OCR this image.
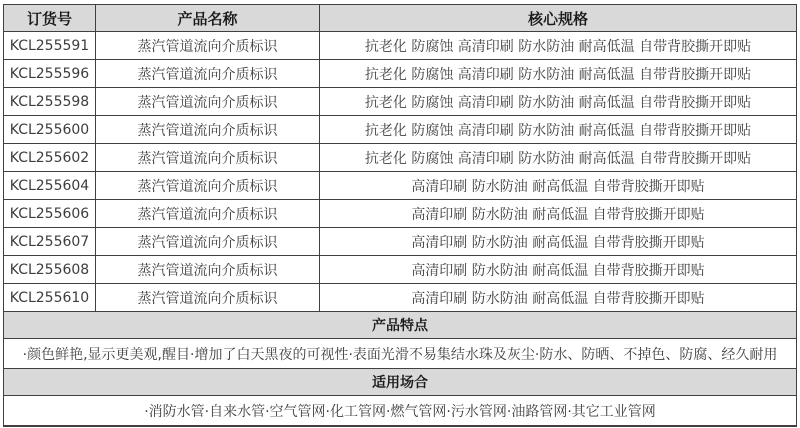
订货号	产品名称	核心规格
KCL255591	蒸汽管道流向介质标识	抗老化 防腐蚀 高清印刷 防水防油 耐高低温 自带背胶撕开即贴
KCL255596	蒸汽管道流向介质标识	抗老化 防腐蚀 高清印刷 防水防油 耐高低温 自带背胶撕开即贴
KCL255598	蒸汽管道流向介质标识	抗老化 防腐蚀 高清印刷 防水防油 耐高低温 自带背胶撕开即贴
KCL255600	蒸汽管道流向介质标识	抗老化 防腐蚀 高清印刷 防水防油 耐高低温 自带背胶撕开即贴
KCL255602	蒸汽管道流向介质标识	抗老化 防腐蚀 高清印刷 防水防油 耐高低温 自带背胶撕开即贴
KCL255604	蒸汽管道流向介质标识	高清印刷 防水防油 耐高低温 自带背胶撕开即贴
KCL255606	蒸汽管道流向介质标识	高清印刷 防水防油 耐高低温 自带背胶撕开即贴
KCL255607	蒸汽管道流向介质标识	高清印刷 防水防油 耐高低温 自带背胶撕开即贴
KCL255608	蒸汽管道流向介质标识	高清印刷 防水防油 耐高低温 自带背胶撕开即贴
KCL255610	蒸汽管道流向介质标识	高清印刷 防水防油 耐高低温 自带背胶撕开即贴
产品特点		
·颜色鲜艳,显示更美观,醒目·增加了白天黑夜的可视性·表面光滑不易集结水珠及灰尘·防水、防晒、不掉色、防腐、经久耐用		
适用场合		
·消防水管·自来水管·空气管网·化工管网·燃气管网·污水管网·油路管网·其它工业管网		
